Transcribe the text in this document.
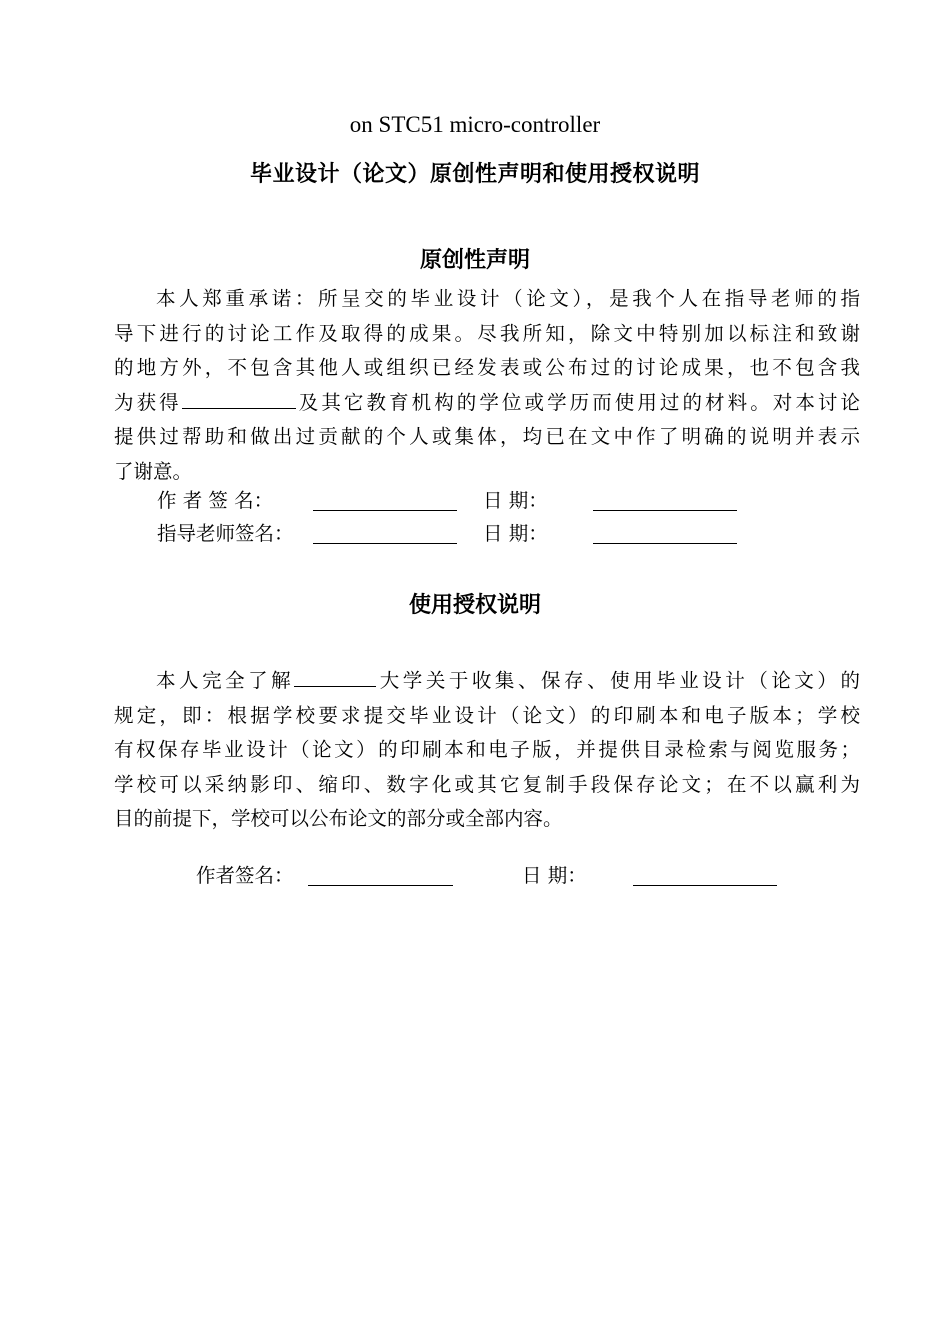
on STC51 micro-controller
毕业设计（论文）原创性声明和使用授权说明
原创性声明
本人郑重承诺：所呈交的毕业设计（论文），是我个人在指导老师的指
导下进行的讨论工作及取得的成果。尽我所知，除文中特别加以标注和致谢
的地方外，不包含其他人或组织已经发表或公布过的讨论成果，也不包含我
为获得	及其它教育机构的学位或学历而使用过的材料。对本讨论
提供过帮助和做出过贡献的个人或集体，均已在文中作了明确的说明并表示
了谢意。
作 者 签 名：	日 期：
指导老师签名：	日 期：
使用授权说明
本人完全了解	大学关于收集、保存、使用毕业设计（论文）的
规定，即：根据学校要求提交毕业设计（论文）的印刷本和电子版本；学校
有权保存毕业设计（论文）的印刷本和电子版，并提供目录检索与阅览服务；
学校可以采纳影印、缩印、数字化或其它复制手段保存论文；在不以赢利为
目的前提下，学校可以公布论文的部分或全部内容。
作者签名：	日 期：
